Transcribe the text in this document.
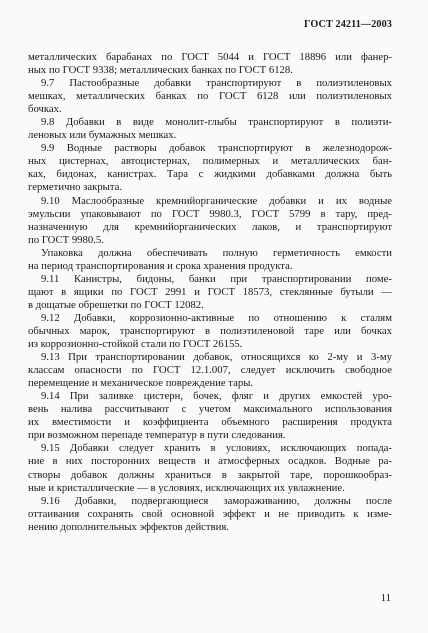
ГОСТ 24211—2003
металлических барабанах по ГОСТ 5044 и ГОСТ 18896 или фанер-
ных по ГОСТ 9338; металлических банках по ГОСТ 6128.
9.7 Пастообразные добавки транспортируют в полиэтиленовых
мешках, металлических банках по ГОСТ 6128 или полиэтиленовых
бочках.
9.8 Добавки в виде монолит-глыбы транспортируют в полиэти-
леновых или бумажных мешках.
9.9 Водные растворы добавок транспортируют в железнодорож-
ных цистернах, автоцистернах, полимерных и металлических бан-
ках, бидонах, канистрах. Тара с жидкими добавками должна быть
герметично закрыта.
9.10 Маслообразные кремнийорганические добавки и их водные
эмульсии упаковывают по ГОСТ 9980.3, ГОСТ 5799 в тару, пред-
назначенную для кремнийорганических лаков, и транспортируют
по ГОСТ 9980.5.
Упаковка должна обеспечивать полную герметичность емкости
на период транспортирования и срока хранения продукта.
9.11 Канистры, бидоны, банки при транспортировании поме-
щают в ящики по ГОСТ 2991 и ГОСТ 18573, стеклянные бутыли —
в дощатые обрешетки по ГОСТ 12082.
9.12 Добавки, коррозионно-активные по отношению к сталям
обычных марок, транспортируют в полиэтиленовой таре или бочках
из коррозионно-стойкой стали по ГОСТ 26155.
9.13 При транспортировании добавок, относящихся ко 2-му и 3-му
классам опасности по ГОСТ 12.1.007, следует исключить свободное
перемещение и механическое повреждение тары.
9.14 При заливке цистерн, бочек, фляг и других емкостей уро-
вень налива рассчитывают с учетом максимального использования
их вместимости и коэффициента объемного расширения продукта
при возможном перепаде температур в пути следования.
9.15 Добавки следует хранить в условиях, исключающих попада-
ние в них посторонних веществ и атмосферных осадков. Водные ра-
створы добавок должны храниться в закрытой таре, порошкообраз-
ные и кристаллические — в условиях, исключающих их увлажнение.
9.16 Добавки, подвергающиеся замораживанию, должны после
оттаивания сохранять свой основной эффект и не приводить к изме-
нению дополнительных эффектов действия.
11
